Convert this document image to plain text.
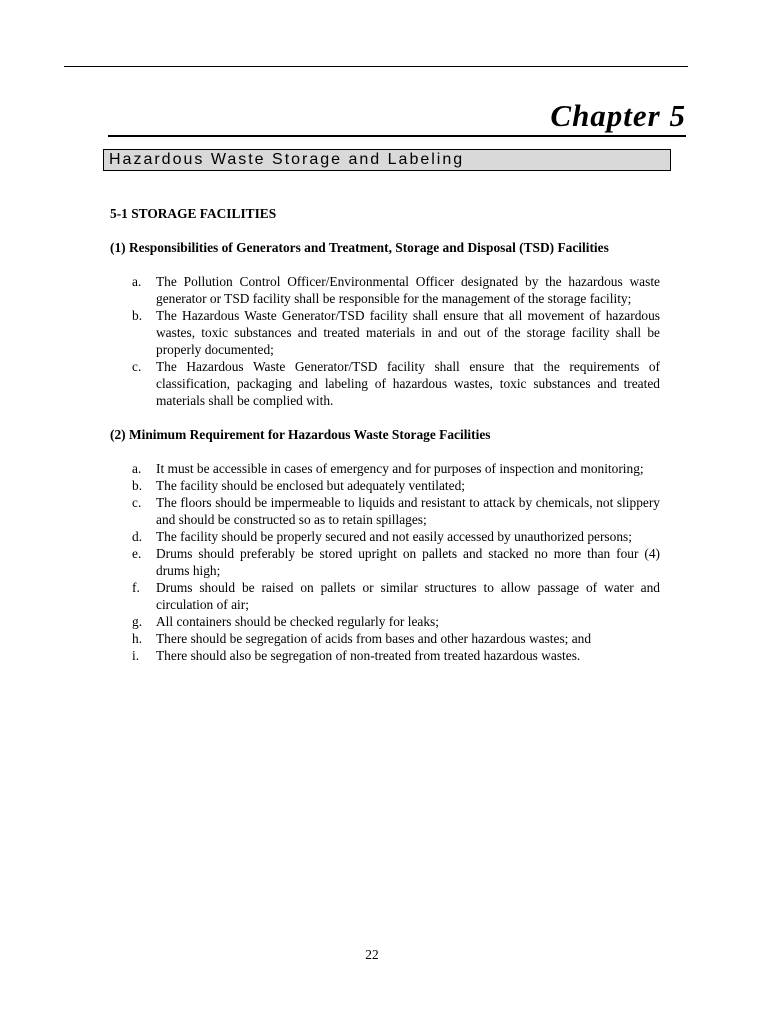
Chapter 5
Hazardous Waste Storage and Labeling
5-1 STORAGE FACILITIES
(1) Responsibilities of Generators and Treatment, Storage and Disposal (TSD) Facilities
a. The Pollution Control Officer/Environmental Officer designated by the hazardous waste generator or TSD facility shall be responsible for the management of the storage facility;
b. The Hazardous Waste Generator/TSD facility shall ensure that all movement of hazardous wastes, toxic substances and treated materials in and out of the storage facility shall be properly documented;
c. The Hazardous Waste Generator/TSD facility shall ensure that the requirements of classification, packaging and labeling of hazardous wastes, toxic substances and treated materials shall be complied with.
(2) Minimum Requirement for Hazardous Waste Storage Facilities
a. It must be accessible in cases of emergency and for purposes of inspection and monitoring;
b. The facility should be enclosed but adequately ventilated;
c. The floors should be impermeable to liquids and resistant to attack by chemicals, not slippery and should be constructed so as to retain spillages;
d. The facility should be properly secured and not easily accessed by unauthorized persons;
e. Drums should preferably be stored upright on pallets and stacked no more than four (4) drums high;
f. Drums should be raised on pallets or similar structures to allow passage of water and circulation of air;
g. All containers should be checked regularly for leaks;
h. There should be segregation of acids from bases and other hazardous wastes; and
i. There should also be segregation of non-treated from treated hazardous wastes.
22
